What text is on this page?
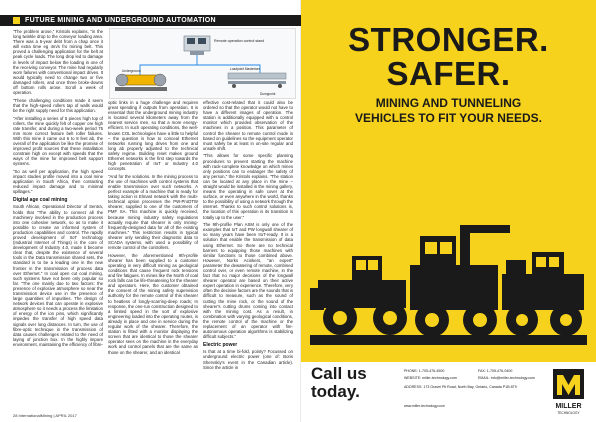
FUTURE MINING AND UNDERGROUND AUTOMATION

"The problem arose," Kristols explains, "in the long twinkle drop to the conveyor loading area. There was a 5-year debt from a chap once it will extra time eg 4m/s fro mining belt. This proved a challenging application for the belt at peak cycle loads. The long drop led to damage in levels of impact below the loading in one of the receiving conveyor. The mine had regularly worn failures with conventional impact drives. It would typically need to change two or five damaged rollers, and once three broke-downs off bottom rolls arose. Scroll a week of operation.

"These challenging conditions made it seem that the high-speed rollers tap of walls would be the right supply need for this application.

"After installing a series of 5 pieces high top of rollers, the mine quickly felt of copper ore high rate transfer, and during a two-week period 75 mm more correct feature belt roller failures. With this mine it came out 6 to 8 feet ab, the overall of the application be like the promise of improved profit sources that these installation constrain high on except with speeds that the ways of the mine for improved belt support systems.

"So as well per application, the high speed impact studies profile moved into a coal mine application in South Africa, then contacting reduced impact damage and to minimal spillages."

Digital age coal mining

South African, Operational Director of Sentra, holds that "The ability to connect all the machinery involved in the production process into one cohesive network, so as to make it possible to create an informed system of production capabilities and control. The rapidly proved development of IIoT technology (Industrial Internet of Things) is the core of development of Industry 4.0, made it become clear that, despite the existence of several tools in the Data transmission shared sets, the standard is to be a leading one in the new frontier in the transmission of process data over Ethernet." In coal open cut coal mining, such systems have not been only popular so far. "The one mainly due to two factors: the presence of explosive atmosphere so near the transmission device use in the presence of large quantities of impurities. The design of network devices that can operate in explosive atmosphere so it needs a process the limitation of energy of the ion pins, which significantly impedes the transfer of high speed data signals over long distances. In turn, the use of fibre-optic technique in the transmission of data causes challenges related to the need of laying of junction box. In the highly impure environment, maintaining the efficiency of fibre-

Remote operation control stand
Underground	Loadpoint Masteriser
Dumppoint

optic links in a huge challenge and requires great spending if outputs from operation. It is essential that the underground mining industry is located several kilometers away from the nearest service men, so that a more energy-efficient. In such operating conditions, the well-known COL technologies have a little to helpful – the question is how to conceal Ethernet networks running long drives from one and long ab properly adjusted to the technical safety regime. Building reset makes ground Ethernet networks is the first step towards the high penetration of IIoT or Industry 4.0 concepts.

"And for the solutions. In the mining process to the use of machines with control systems that enable transmission over such networks. A perfect example of a machine that is ready for taking action is Elmast network with the multi-technical option processes the PW-ProDTW shearer, supplied to one of the customers of PMF SA. This machine is quickly received, because mining industry safety regulations actually require that shearer is only mining-frequently-designed data for all of the existing machines." This restriction results in typical shearer only sending their diagnostic data to SCADA systems, with used a possibility of remote control of the controllers.

However, the aforementioned 9th-profile shearer has been supplied to a customer operating in very difficult mining as geological conditions that cause frequent rock tensions and fire fatigues. In mines like the North of coal rock falls can be life-threatening for the shearer and operators. Here, the customer obtained the consent of the mining safety supervision authority for the remote control of this shearer to heatless of longly-scarring-deep roads; In response, the one-run construction designed to a limited speed in the sort of explosive engineering loaded into the operating routes, is already in place and one in service during the regular work of the shearer. Therefore, the station is fitted with a monitor displaying the screen that are identical to those the shearer operator sees on the machine in the everyday work and control panels that are the same as those on the shearer, and an identical

effective cost-related that it could also be ordered so that the operator would not have to have a different images of operation. The station is additionally equipped with a control monitor which provided observation of the machines in a position. This parameter of control the shearer to remote control mode is based on guidelines so the equipment operator must safely be at least in on-site regular and unsafe shift.

"This allows for some specific planning procedures to prevent starting the machine with rack-complete knowledge on which mines only positions can to endanger the safety of any person," the Kristols explains. "The station can be located at any place in the mine – straight would be installed in the mining gallery, means the operating in safe cover at the surface, or even anywhere in the world, thanks to the possibility of using a network through the internet. Thanks to such control solutions is, the location of this operation is its transition is totally up to the user."

The 9th-profile Plan ASM is only one of the examples that IoT and PW longwall shearer of so many years have been IIoT-ready. It is a solution that enable the transmission of data using Ethernet. So there are no technical barriers to equipping those machines with similar functions to those combined above. However, Norks Acinkers, "an expert" parameter the dewatering of remote, combined control over, or even remote machine, in the fact that no major decisions of the longwall shearer operator are based on their active expert operation in experience. Therefore, very often the decisive factors are the sounds that is difficult to measure, such as the sound of cutting the mine rock, or the sound of the shearer's cutting drums coming into contact with the mining cost. As a result, in combination with varying geological conditions, the remote control of the machine or the replacement of an operator with fire-autonomous operation algorithms is stabilizing difficult subjects."

Electric power

Is that at a time bi-fold, pointy? Focussed on underground electric power (one of: Boris Shervskiy's event in the Canadian article). Since the article in

28 InternationalMining | APRIL 2017
STRONGER.
SAFER.
MINING AND TUNNELING
VEHICLES TO FIT YOUR NEEDS.
Call us
today.
PHONE: 1-705-476-4500	FAX: 1-705-476-0400
WEBSITE: miller-technology.com	EMAIL: info@miller-technology.com
ADDRESS: 173 Gravel Pit Road, North Bay, Ontario, Canada P1B 8T9
www.miller-technology.com	MILLER
TECHNOLOGY
